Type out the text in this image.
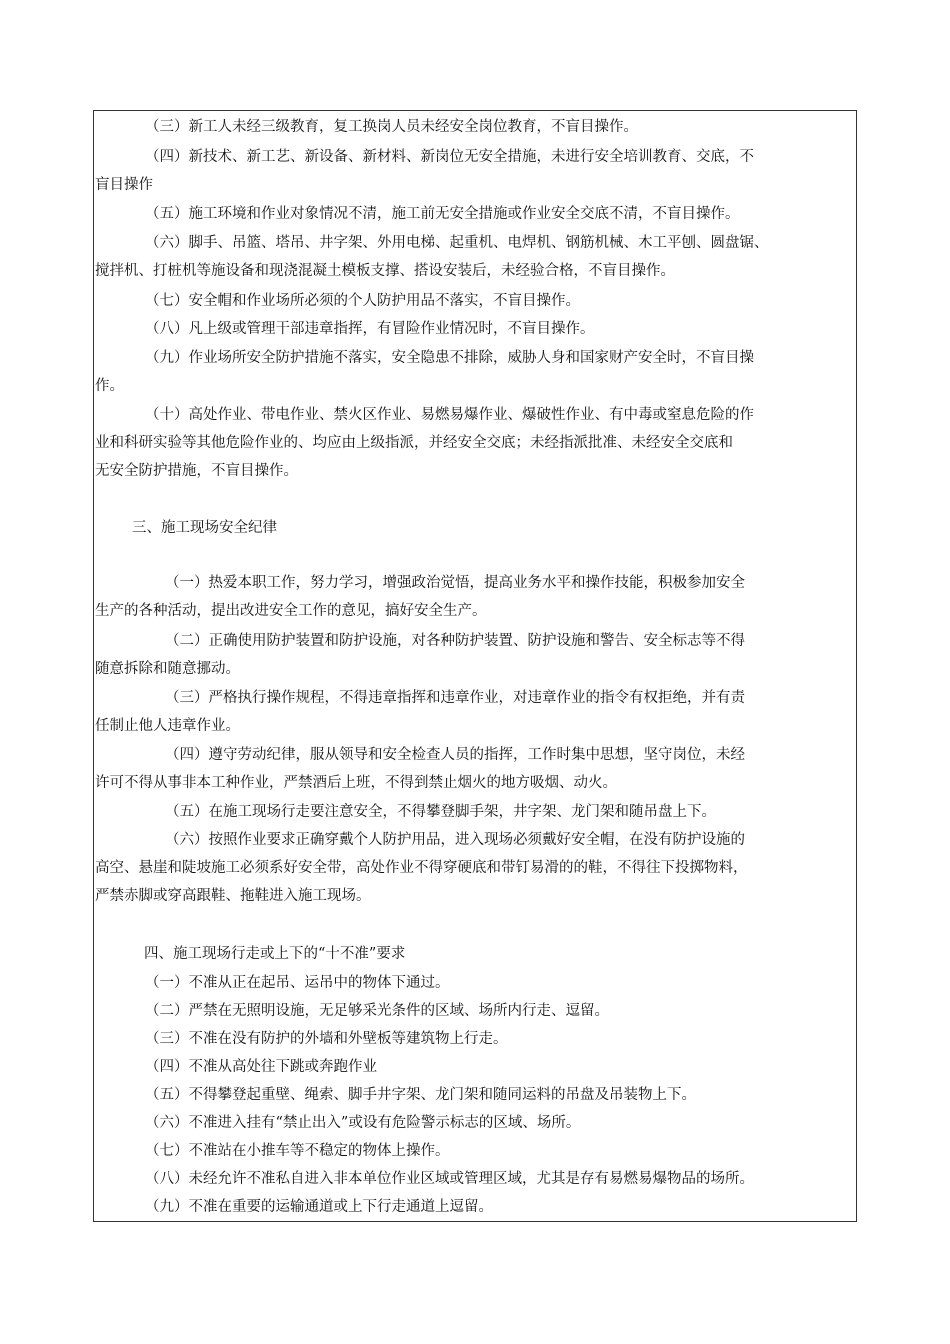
（三）新工人未经三级教育，复工换岗人员未经安全岗位教育，不盲目操作。
（四）新技术、新工艺、新设备、新材料、新岗位无安全措施，未进行安全培训教育、交底，不
盲目操作
（五）施工环境和作业对象情况不清，施工前无安全措施或作业安全交底不清，不盲目操作。
（六）脚手、吊篮、塔吊、井字架、外用电梯、起重机、电焊机、钢筋机械、木工平刨、圆盘锯、
搅拌机、打桩机等施设备和现浇混凝土模板支撑、搭设安装后，未经验合格，不盲目操作。
（七）安全帽和作业场所必须的个人防护用品不落实，不盲目操作。
（八）凡上级或管理干部违章指挥，有冒险作业情况时，不盲目操作。
（九）作业场所安全防护措施不落实，安全隐患不排除，威胁人身和国家财产安全时，不盲目操
作。
（十）高处作业、带电作业、禁火区作业、易燃易爆作业、爆破性作业、有中毒或窒息危险的作
业和科研实验等其他危险作业的、均应由上级指派，并经安全交底；未经指派批准、未经安全交底和
无安全防护措施，不盲目操作。
三、施工现场安全纪律
（一）热爱本职工作，努力学习，增强政治觉悟，提高业务水平和操作技能，积极参加安全
生产的各种活动，提出改进安全工作的意见，搞好安全生产。
（二）正确使用防护装置和防护设施，对各种防护装置、防护设施和警告、安全标志等不得
随意拆除和随意挪动。
（三）严格执行操作规程，不得违章指挥和违章作业，对违章作业的指令有权拒绝，并有责
任制止他人违章作业。
（四）遵守劳动纪律，服从领导和安全检查人员的指挥，工作时集中思想，坚守岗位，未经
许可不得从事非本工种作业，严禁酒后上班，不得到禁止烟火的地方吸烟、动火。
（五）在施工现场行走要注意安全，不得攀登脚手架，井字架、龙门架和随吊盘上下。
（六）按照作业要求正确穿戴个人防护用品，进入现场必须戴好安全帽，在没有防护设施的
高空、悬崖和陡坡施工必须系好安全带，高处作业不得穿硬底和带钉易滑的的鞋，不得往下投掷物料，
严禁赤脚或穿高跟鞋、拖鞋进入施工现场。
四、施工现场行走或上下的“十不准”要求
（一）不准从正在起吊、运吊中的物体下通过。
（二）严禁在无照明设施，无足够采光条件的区域、场所内行走、逗留。
（三）不准在没有防护的外墙和外壁板等建筑物上行走。
（四）不准从高处往下跳或奔跑作业
（五）不得攀登起重壁、绳索、脚手井字架、龙门架和随同运料的吊盘及吊装物上下。
（六）不准进入挂有“禁止出入”或设有危险警示标志的区域、场所。
（七）不准站在小推车等不稳定的物体上操作。
（八）未经允许不准私自进入非本单位作业区域或管理区域，尤其是存有易燃易爆物品的场所。
（九）不准在重要的运输通道或上下行走通道上逗留。
